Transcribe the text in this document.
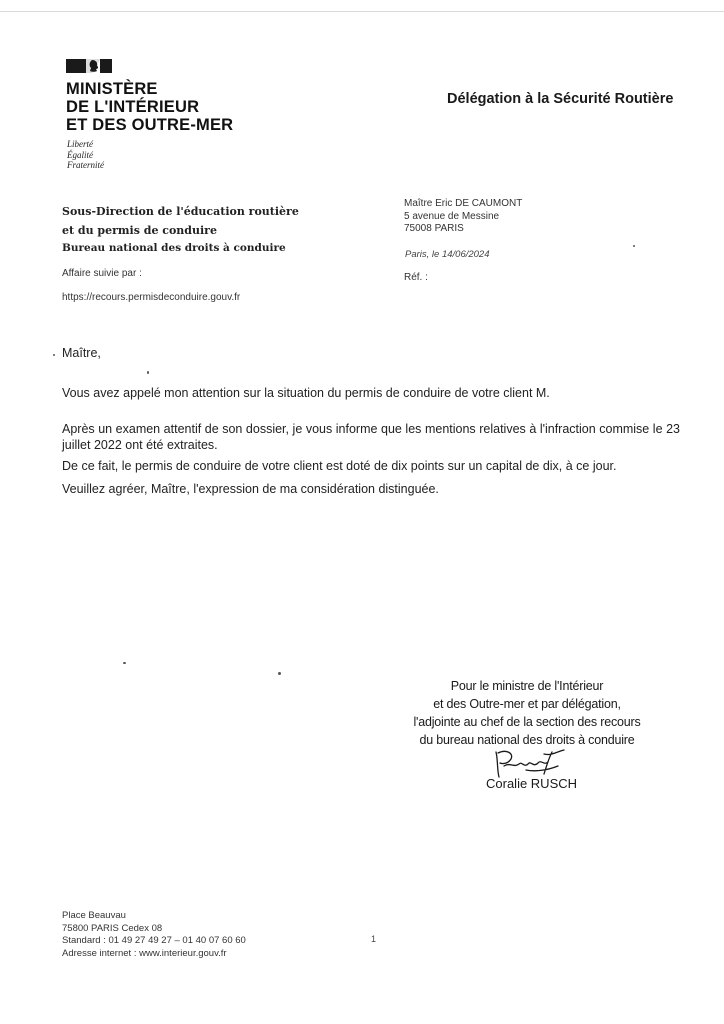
MINISTÈRE
DE L'INTÉRIEUR
ET DES OUTRE-MER
Liberté
Égalité
Fraternité
Délégation à la Sécurité Routière
Sous-Direction de l'éducation routière
et du permis de conduire
Bureau national des droits à conduire
Affaire suivie par :
https://recours.permisdeconduire.gouv.fr
Maître Eric DE CAUMONT
5 avenue de Messine
75008 PARIS
Paris, le 14/06/2024
Réf. :
Maître,
Vous avez appelé mon attention sur la situation du permis de conduire de votre client M.
Après un examen attentif de son dossier, je vous informe que les mentions relatives à l'infraction commise le 23 juillet 2022 ont été extraites.
De ce fait, le permis de conduire de votre client est doté de dix points sur un capital de dix, à ce jour.
Veuillez agréer, Maître, l'expression de ma considération distinguée.
Pour le ministre de l'Intérieur
et des Outre-mer et par délégation,
l'adjointe au chef de la section des recours
du bureau national des droits à conduire
Coralie RUSCH
Place Beauvau
75800 PARIS Cedex 08
Standard : 01 49 27 49 27 – 01 40 07 60 60
Adresse internet : www.interieur.gouv.fr
1
